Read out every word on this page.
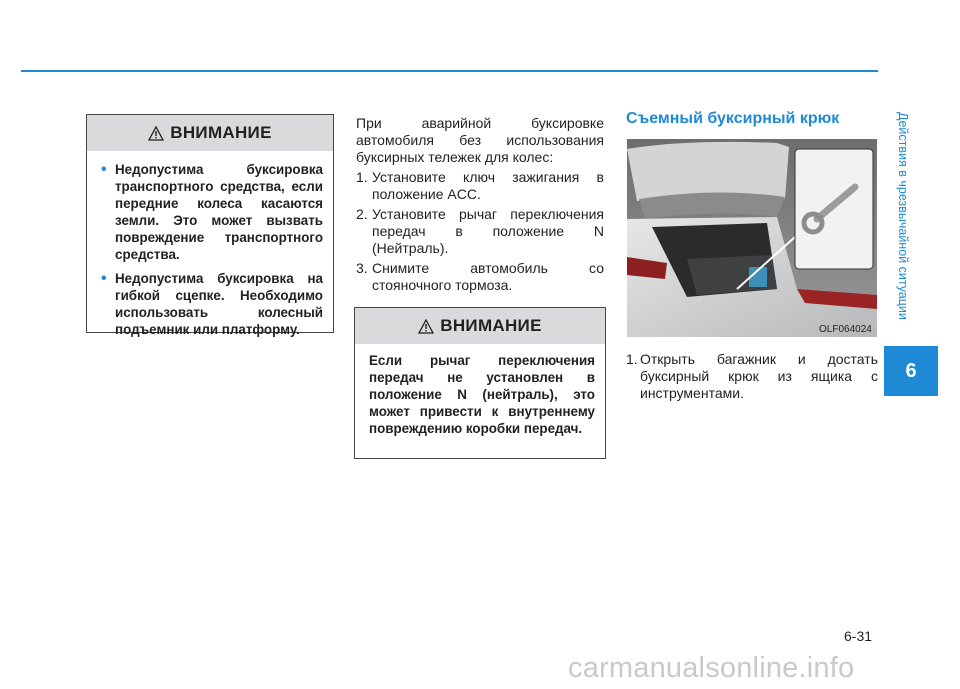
ВНИМАНИЕ
• Недопустима буксировка транспортного средства, если передние колеса касаются земли. Это может вызвать повреждение транспортного средства.
• Недопустима буксировка на гибкой сцепке. Необходимо использовать колесный подъемник или платформу.

При аварийной буксировке автомобиля без использования буксирных тележек для колес:

1. Установите ключ зажигания в положение ACC.
2. Установите рычаг переключения передач в положение N (Нейтраль).
3. Снимите автомобиль со стояночного тормоза.
ВНИМАНИЕ
Если рычаг переключения передач не установлен в положение N (нейтраль), это может привести к внутреннему повреждению коробки передач.
Съемный буксирный крюк
OLF064024
1. Открыть багажник и достать буксирный крюк из ящика с инструментами.
Действия в чрезвычайной ситуации
6
6-31
carmanualsonline.info
